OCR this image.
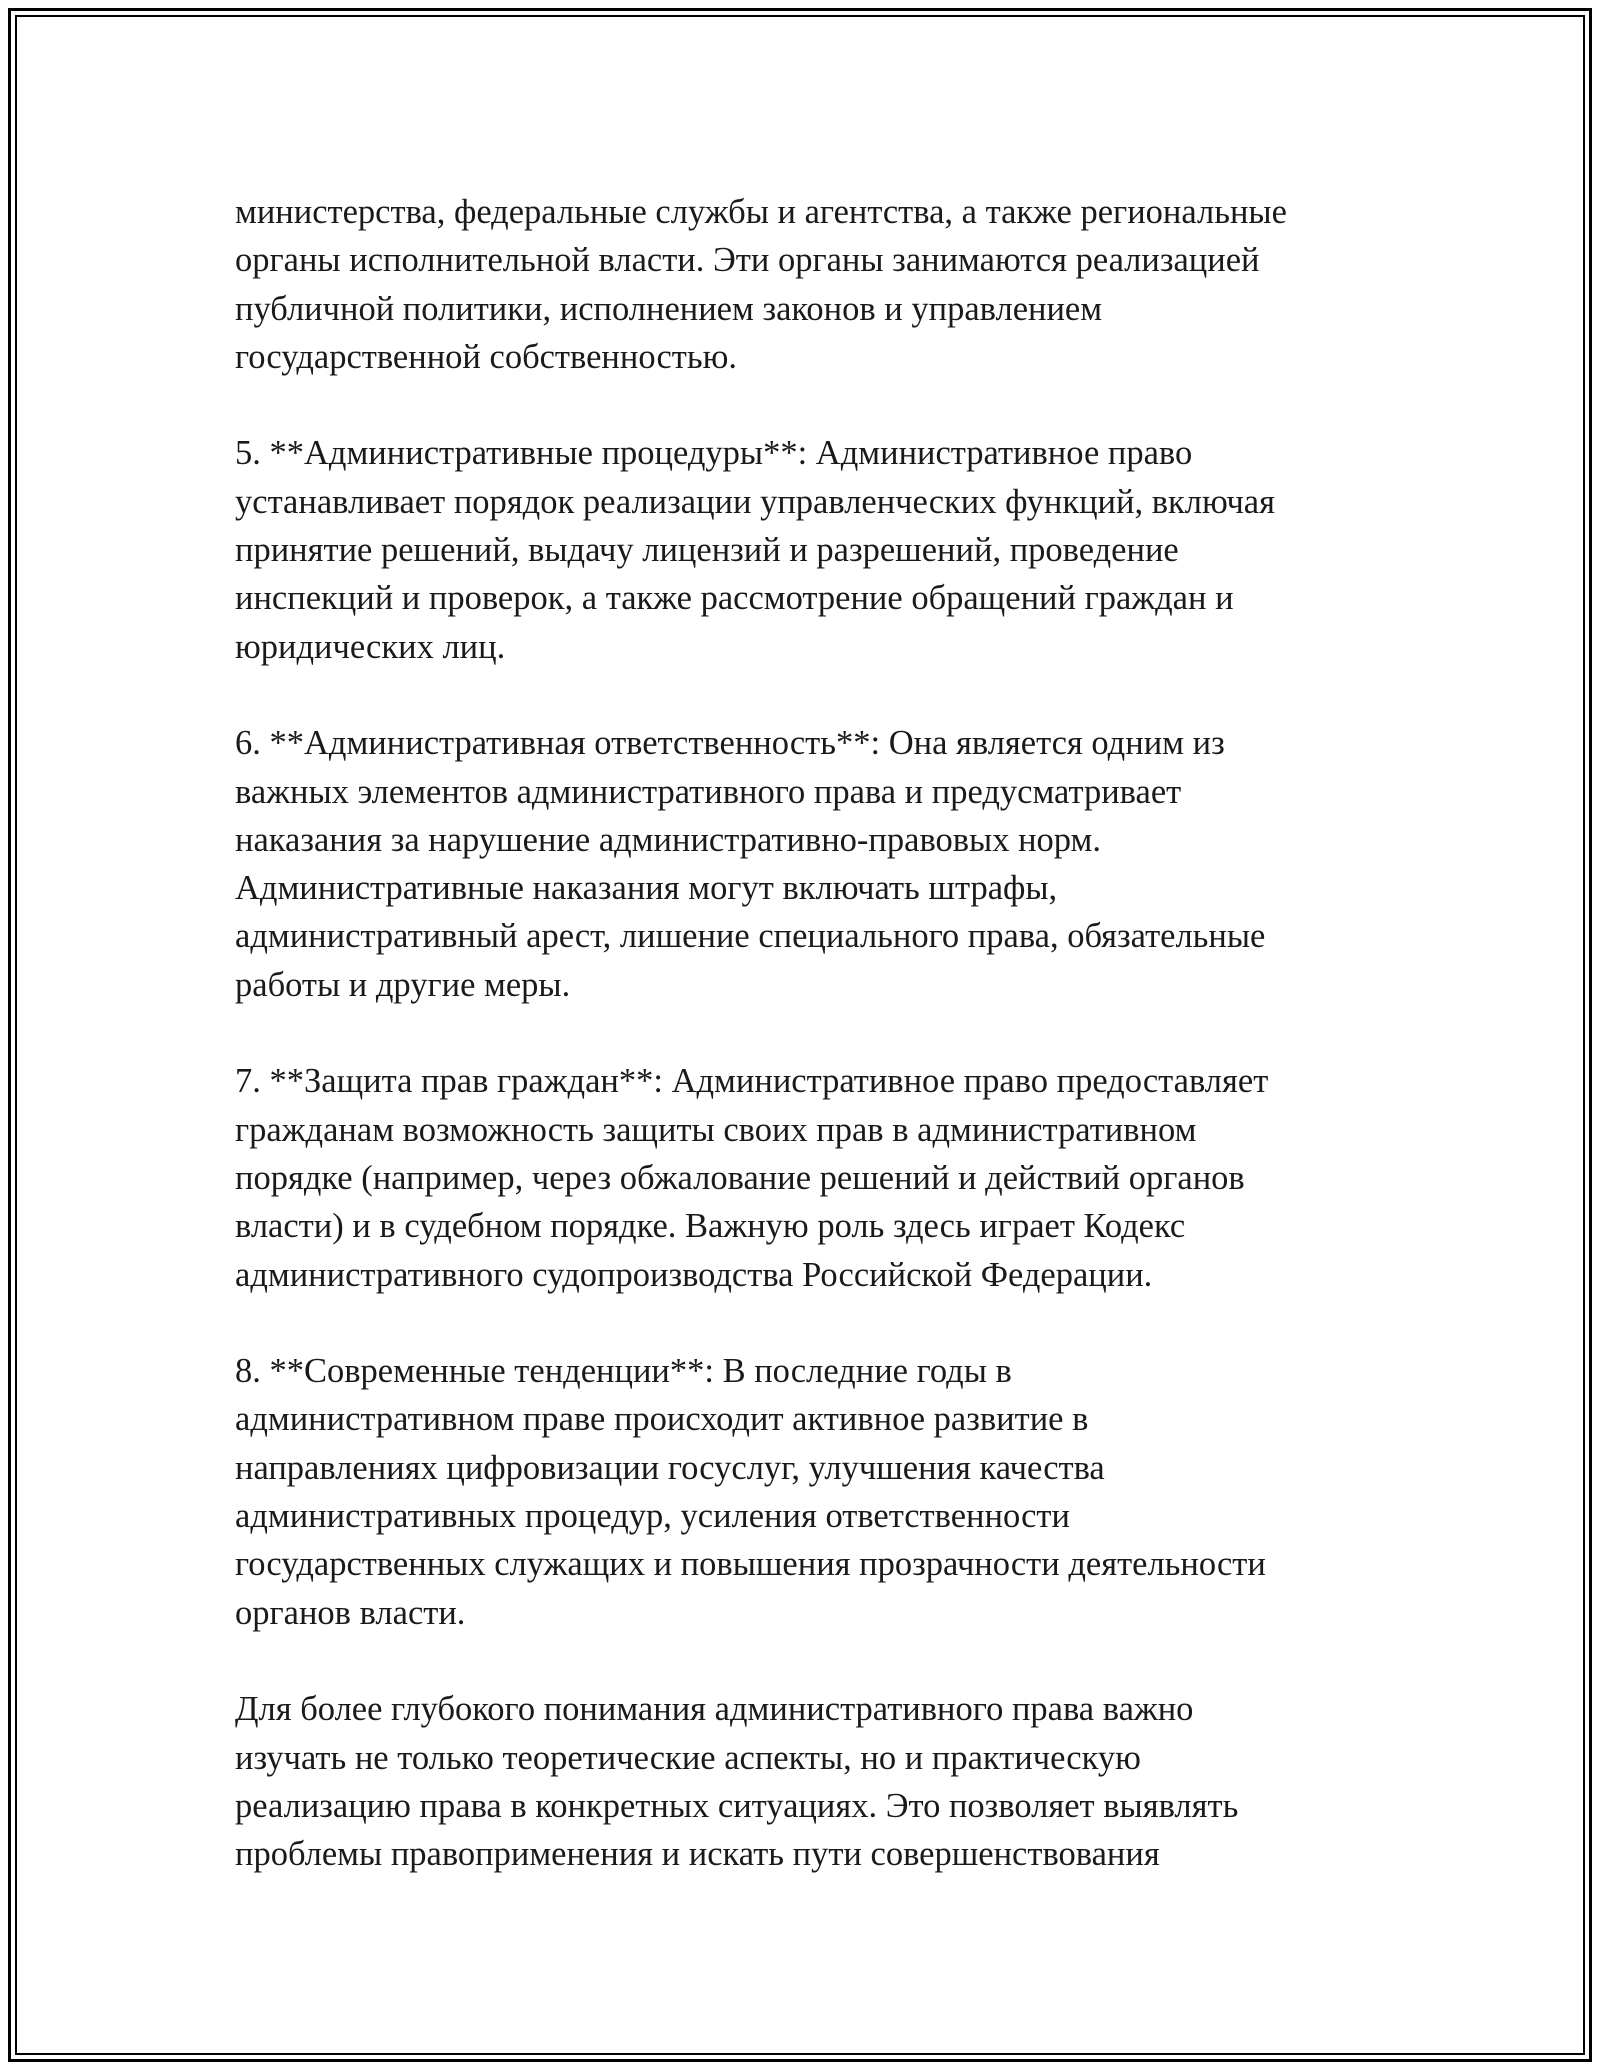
министерства, федеральные службы и агентства, а также региональные
органы исполнительной власти. Эти органы занимаются реализацией
публичной политики, исполнением законов и управлением
государственной собственностью.

5. **Административные процедуры**: Административное право
устанавливает порядок реализации управленческих функций, включая
принятие решений, выдачу лицензий и разрешений, проведение
инспекций и проверок, а также рассмотрение обращений граждан и
юридических лиц.

6. **Административная ответственность**: Она является одним из
важных элементов административного права и предусматривает
наказания за нарушение административно-правовых норм.
Административные наказания могут включать штрафы,
административный арест, лишение специального права, обязательные
работы и другие меры.

7. **Защита прав граждан**: Административное право предоставляет
гражданам возможность защиты своих прав в административном
порядке (например, через обжалование решений и действий органов
власти) и в судебном порядке. Важную роль здесь играет Кодекс
административного судопроизводства Российской Федерации.

8. **Современные тенденции**: В последние годы в
административном праве происходит активное развитие в
направлениях цифровизации госуслуг, улучшения качества
административных процедур, усиления ответственности
государственных служащих и повышения прозрачности деятельности
органов власти.

Для более глубокого понимания административного права важно
изучать не только теоретические аспекты, но и практическую
реализацию права в конкретных ситуациях. Это позволяет выявлять
проблемы правоприменения и искать пути совершенствования
